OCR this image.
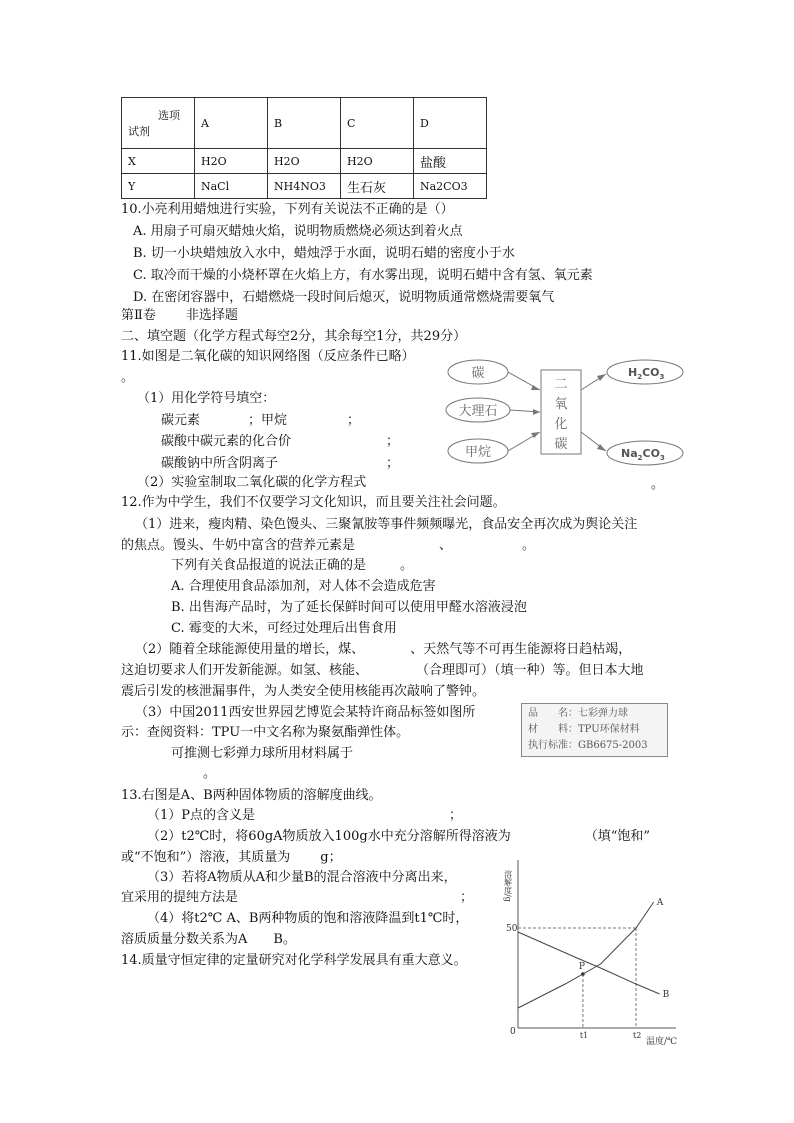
选项
试剂	A	B	C	D
X	H2O	H2O	H2O	盐酸
Y	NaCl	NH4NO3	生石灰	Na2CO3
10.小亮利用蜡烛进行实验，下列有关说法不正确的是（）
A. 用扇子可扇灭蜡烛火焰，说明物质燃烧必须达到着火点
B. 切一小块蜡烛放入水中，蜡烛浮于水面，说明石蜡的密度小于水
C. 取冷而干燥的小烧杯罩在火焰上方，有水雾出现，说明石蜡中含有氢、氧元素
D. 在密闭容器中，石蜡燃烧一段时间后熄灭，说明物质通常燃烧需要氧气
第Ⅱ卷 非选择题
二、填空题（化学方程式每空2分，其余每空1分，共29分）
11.如图是二氧化碳的知识网络图（反应条件已略）
。
（1）用化学符号填空：
碳元素	；甲烷	；
碳酸中碳元素的化合价	；
碳酸钠中所含阴离子	；
（2）实验室制取二氧化碳的化学方程式	。
碳
大理石
甲烷
二
氧
化
碳
$H_2CO_3$
$Na_2CO_3$
12.作为中学生，我们不仅要学习文化知识，而且要关注社会问题。
（1）进来，瘦肉精、染色馒头、三聚氰胺等事件频频曝光，食品安全再次成为舆论关注
的焦点。馒头、牛奶中富含的营养元素是	、	。
下列有关食品报道的说法正确的是	。
A. 合理使用食品添加剂，对人体不会造成危害
B. 出售海产品时，为了延长保鲜时间可以使用甲醛水溶液浸泡
C. 霉变的大米，可经过处理后出售食用
（2）随着全球能源使用量的增长，煤、	、天然气等不可再生能源将日趋枯竭，
这迫切要求人们开发新能源。如氢、核能、	（合理即可）（填一种）等。但日本大地
震后引发的核泄漏事件，为人类安全使用核能再次敲响了警钟。
（3）中国2011西安世界园艺博览会某特许商品标签如图所
示：查阅资料：TPU一中文名称为聚氨酯弹性体。
可推测七彩弹力球所用材料属于
。
品　　名：七彩弹力球
材　　料：TPU环保材料
执行标准：GB6675-2003
13.右图是A、B两种固体物质的溶解度曲线。
（1）P点的含义是	；
（2）t2℃时，将60gA物质放入100g水中充分溶解所得溶液为	（填“饱和”
或“不饱和”）溶液，其质量为 g；
（3）若将A物质从A和少量B的混合溶液中分离出来，
宜采用的提纯方法是	；
（4）将t2℃ A、B两种物质的饱和溶液降温到t1℃时，
溶质质量分数关系为A　　B。
14.质量守恒定律的定量研究对化学科学发展具有重大意义。
溶解度/g
温度/℃
0
A
B
P
50
t1	t2
